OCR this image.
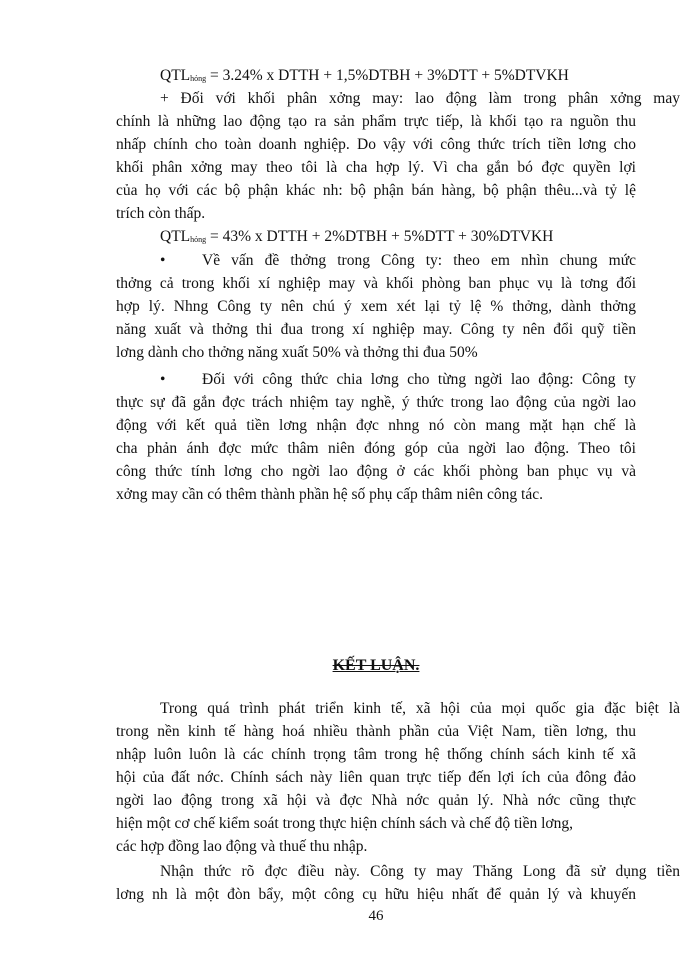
QTLhỏng = 3.24% x DTTH + 1,5%DTBH + 3%DTT + 5%DTVKH
+ Đối với khối phân xởng may: lao động làm trong phân xởng may
chính là những lao động tạo ra sản phẩm trực tiếp, là khối tạo ra nguồn thu
nhấp chính cho toàn doanh nghiệp. Do vậy với công thức trích tiền lơng cho
khối phân xởng may theo tôi là cha hợp lý. Vì cha gắn bó đợc quyền lợi
của họ với các bộ phận khác nh: bộ phận bán hàng, bộ phận thêu...và tỷ lệ
trích còn thấp.
QTLhỏng = 43% x DTTH + 2%DTBH + 5%DTT + 30%DTVKH
•	Về vấn đề thởng trong Công ty: theo em nhìn chung mức
thởng cả trong khối xí nghiệp may và khối phòng ban phục vụ là tơng đối
hợp lý. Nhng Công ty nên chú ý xem xét lại tỷ lệ % thởng, dành thởng
năng xuất và thởng thi đua trong xí nghiệp may. Công ty nên đổi quỹ tiền
lơng dành cho thởng năng xuất 50% và thởng thi đua 50%
•	Đối với công thức chia lơng cho từng ngời lao động: Công ty
thực sự đã gắn đợc trách nhiệm tay nghề, ý thức trong lao động của ngời lao
động với kết quả tiền lơng nhận đợc nhng nó còn mang mặt hạn chế là
cha phản ánh đợc mức thâm niên đóng góp của ngời lao động. Theo tôi
công thức tính lơng cho ngời lao động ở các khối phòng ban phục vụ và
xởng may cần có thêm thành phần hệ số phụ cấp thâm niên công tác.
KẾT LUẬN.
Trong quá trình phát triển kinh tế, xã hội của mọi quốc gia đặc biệt là
trong nền kinh tế hàng hoá nhiều thành phần của Việt Nam, tiền lơng, thu
nhập luôn luôn là các chính trọng tâm trong hệ thống chính sách kinh tế xã
hội của đất nớc. Chính sách này liên quan trực tiếp đến lợi ích của đông đảo
ngời lao động trong xã hội và đợc Nhà nớc quản lý. Nhà nớc cũng thực
hiện một cơ chế kiểm soát trong thực hiện chính sách và chế độ tiền lơng,
các hợp đồng lao động và thuế thu nhập.
Nhận thức rõ đợc điều này. Công ty may Thăng Long đã sử dụng tiền
lơng nh là một đòn bẩy, một công cụ hữu hiệu nhất để quản lý và khuyến
46
